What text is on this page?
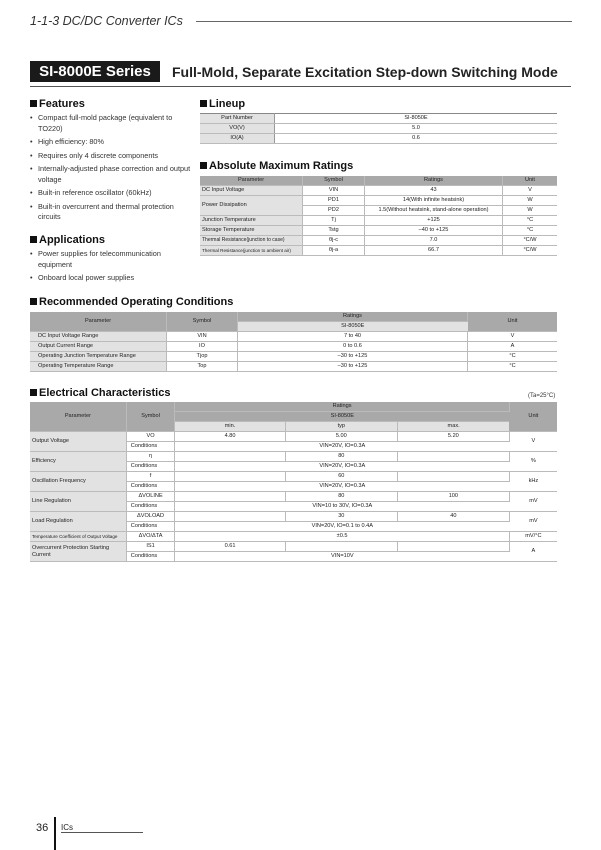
1-1-3 DC/DC Converter ICs
SI-8000E Series	Full-Mold, Separate Excitation Step-down Switching Mode
Features
• Compact full-mold package (equivalent to TO220)
• High efficiency: 80%
• Requires only 4 discrete components
• Internally-adjusted phase correction and output voltage
• Built-in reference oscillator (60kHz)
• Built-in overcurrent and thermal protection circuits
Applications
• Power supplies for telecommunication equipment
• Onboard local power supplies
Lineup
Part Number	SI-8050E
VO(V)	5.0
IO(A)	0.6
Absolute Maximum Ratings
Parameter	Symbol	Ratings	Unit
DC Input Voltage	VIN	43	V
Power Dissipation	PD1	14(With infinite heatsink)	W
	PD2	1.5(Without heatsink, stand-alone operation)	W
Junction Temperature	Tj	+125	°C
Storage Temperature	Tstg	–40 to +125	°C
Thermal Resistance(junction to case)	θj-c	7.0	°C/W
Thermal Resistance(junction to ambient air)	θj-a	66.7	°C/W
Recommended Operating Conditions
Parameter	Symbol	Ratings	Unit
		SI-8050E	
DC Input Voltage Range	VIN	7 to 40	V
Output Current Range	IO	0 to 0.6	A
Operating Junction Temperature Range	Tjop	–30 to +125	°C
Operating Temperature Range	Top	–30 to +125	°C
Electrical Characteristics	(Ta=25°C)
Parameter	Symbol	Ratings			Unit
		SI-8050E			
		min.	typ	max.	
Output Voltage	VO	4.80	5.00	5.20	V
	Conditions	VIN=20V, IO=0.3A			
Efficiency	η		80		%
	Conditions	VIN=20V, IO=0.3A			
Oscillation Frequency	f		60		kHz
	Conditions	VIN=20V, IO=0.3A			
Line Regulation	ΔVOLINE		80	100	mV
	Conditions	VIN=10 to 30V, IO=0.3A			
Load Regulation	ΔVOLOAD		30	40	mV
	Conditions	VIN=20V, IO=0.1 to 0.4A			
Temperature Coefficient of Output Voltage	ΔVO/ΔTA	±0.5			mV/°C
Overcurrent Protection Starting Current	IS1	0.61			A
	Conditions	VIN=10V			
36 ICs
